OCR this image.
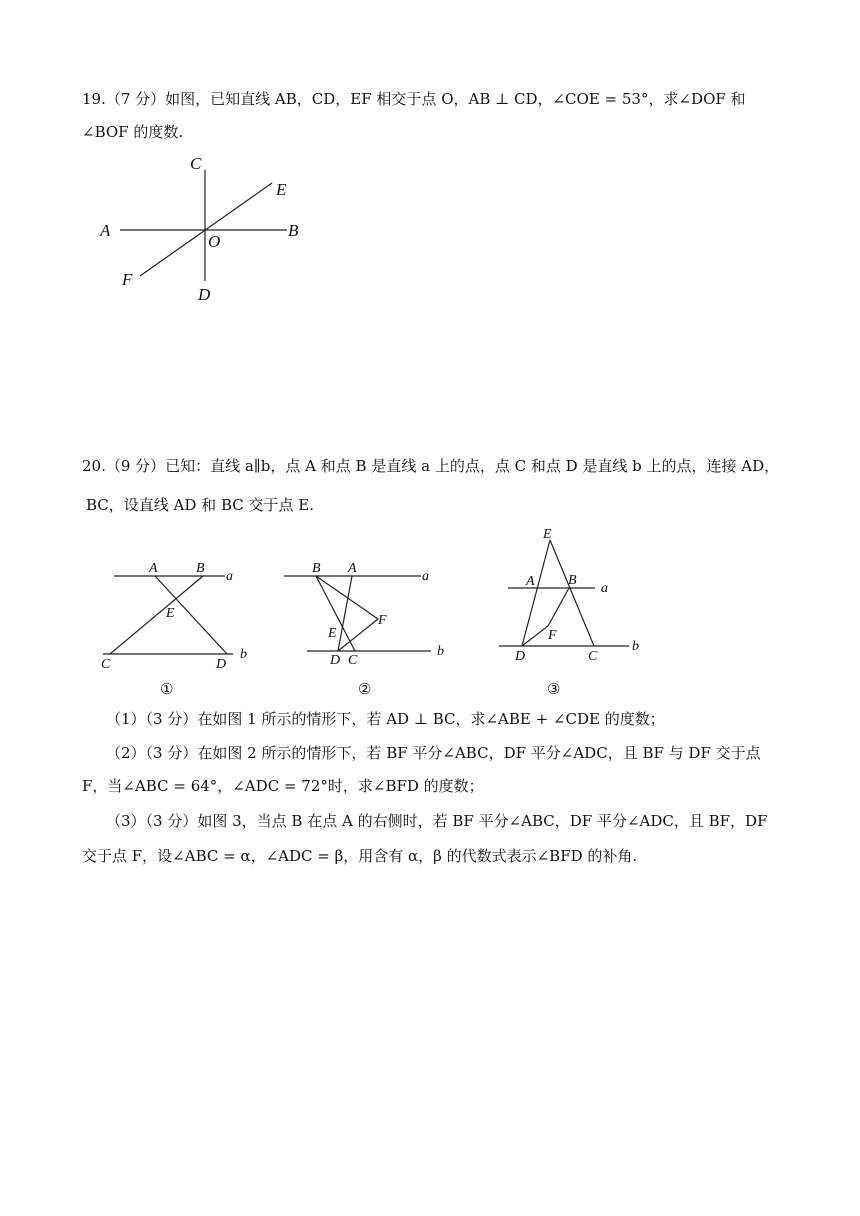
19.（7 分）如图，已知直线 AB，CD，EF 相交于点 O，AB ⊥ CD，∠COE = 53°，求∠DOF 和
∠BOF 的度数.
C
E
A
O
B
F
D
20.（9 分）已知：直线 a∥b，点 A 和点 B 是直线 a 上的点，点 C 和点 D 是直线 b 上的点，连接 AD，
BC，设直线 AD 和 BC 交于点 E.
A	B
a
E
C	D
b
①
B A
a
F
E
D C
b
②
E
A B
a
F
D	C
b
③
（1）（3 分）在如图 1 所示的情形下，若 AD ⊥ BC，求∠ABE + ∠CDE 的度数；
（2）（3 分）在如图 2 所示的情形下，若 BF 平分∠ABC，DF 平分∠ADC，且 BF 与 DF 交于点
F，当∠ABC = 64°，∠ADC = 72°时，求∠BFD 的度数；
（3）（3 分）如图 3，当点 B 在点 A 的右侧时，若 BF 平分∠ABC，DF 平分∠ADC，且 BF，DF
交于点 F，设∠ABC = α，∠ADC = β，用含有 α，β 的代数式表示∠BFD 的补角.
